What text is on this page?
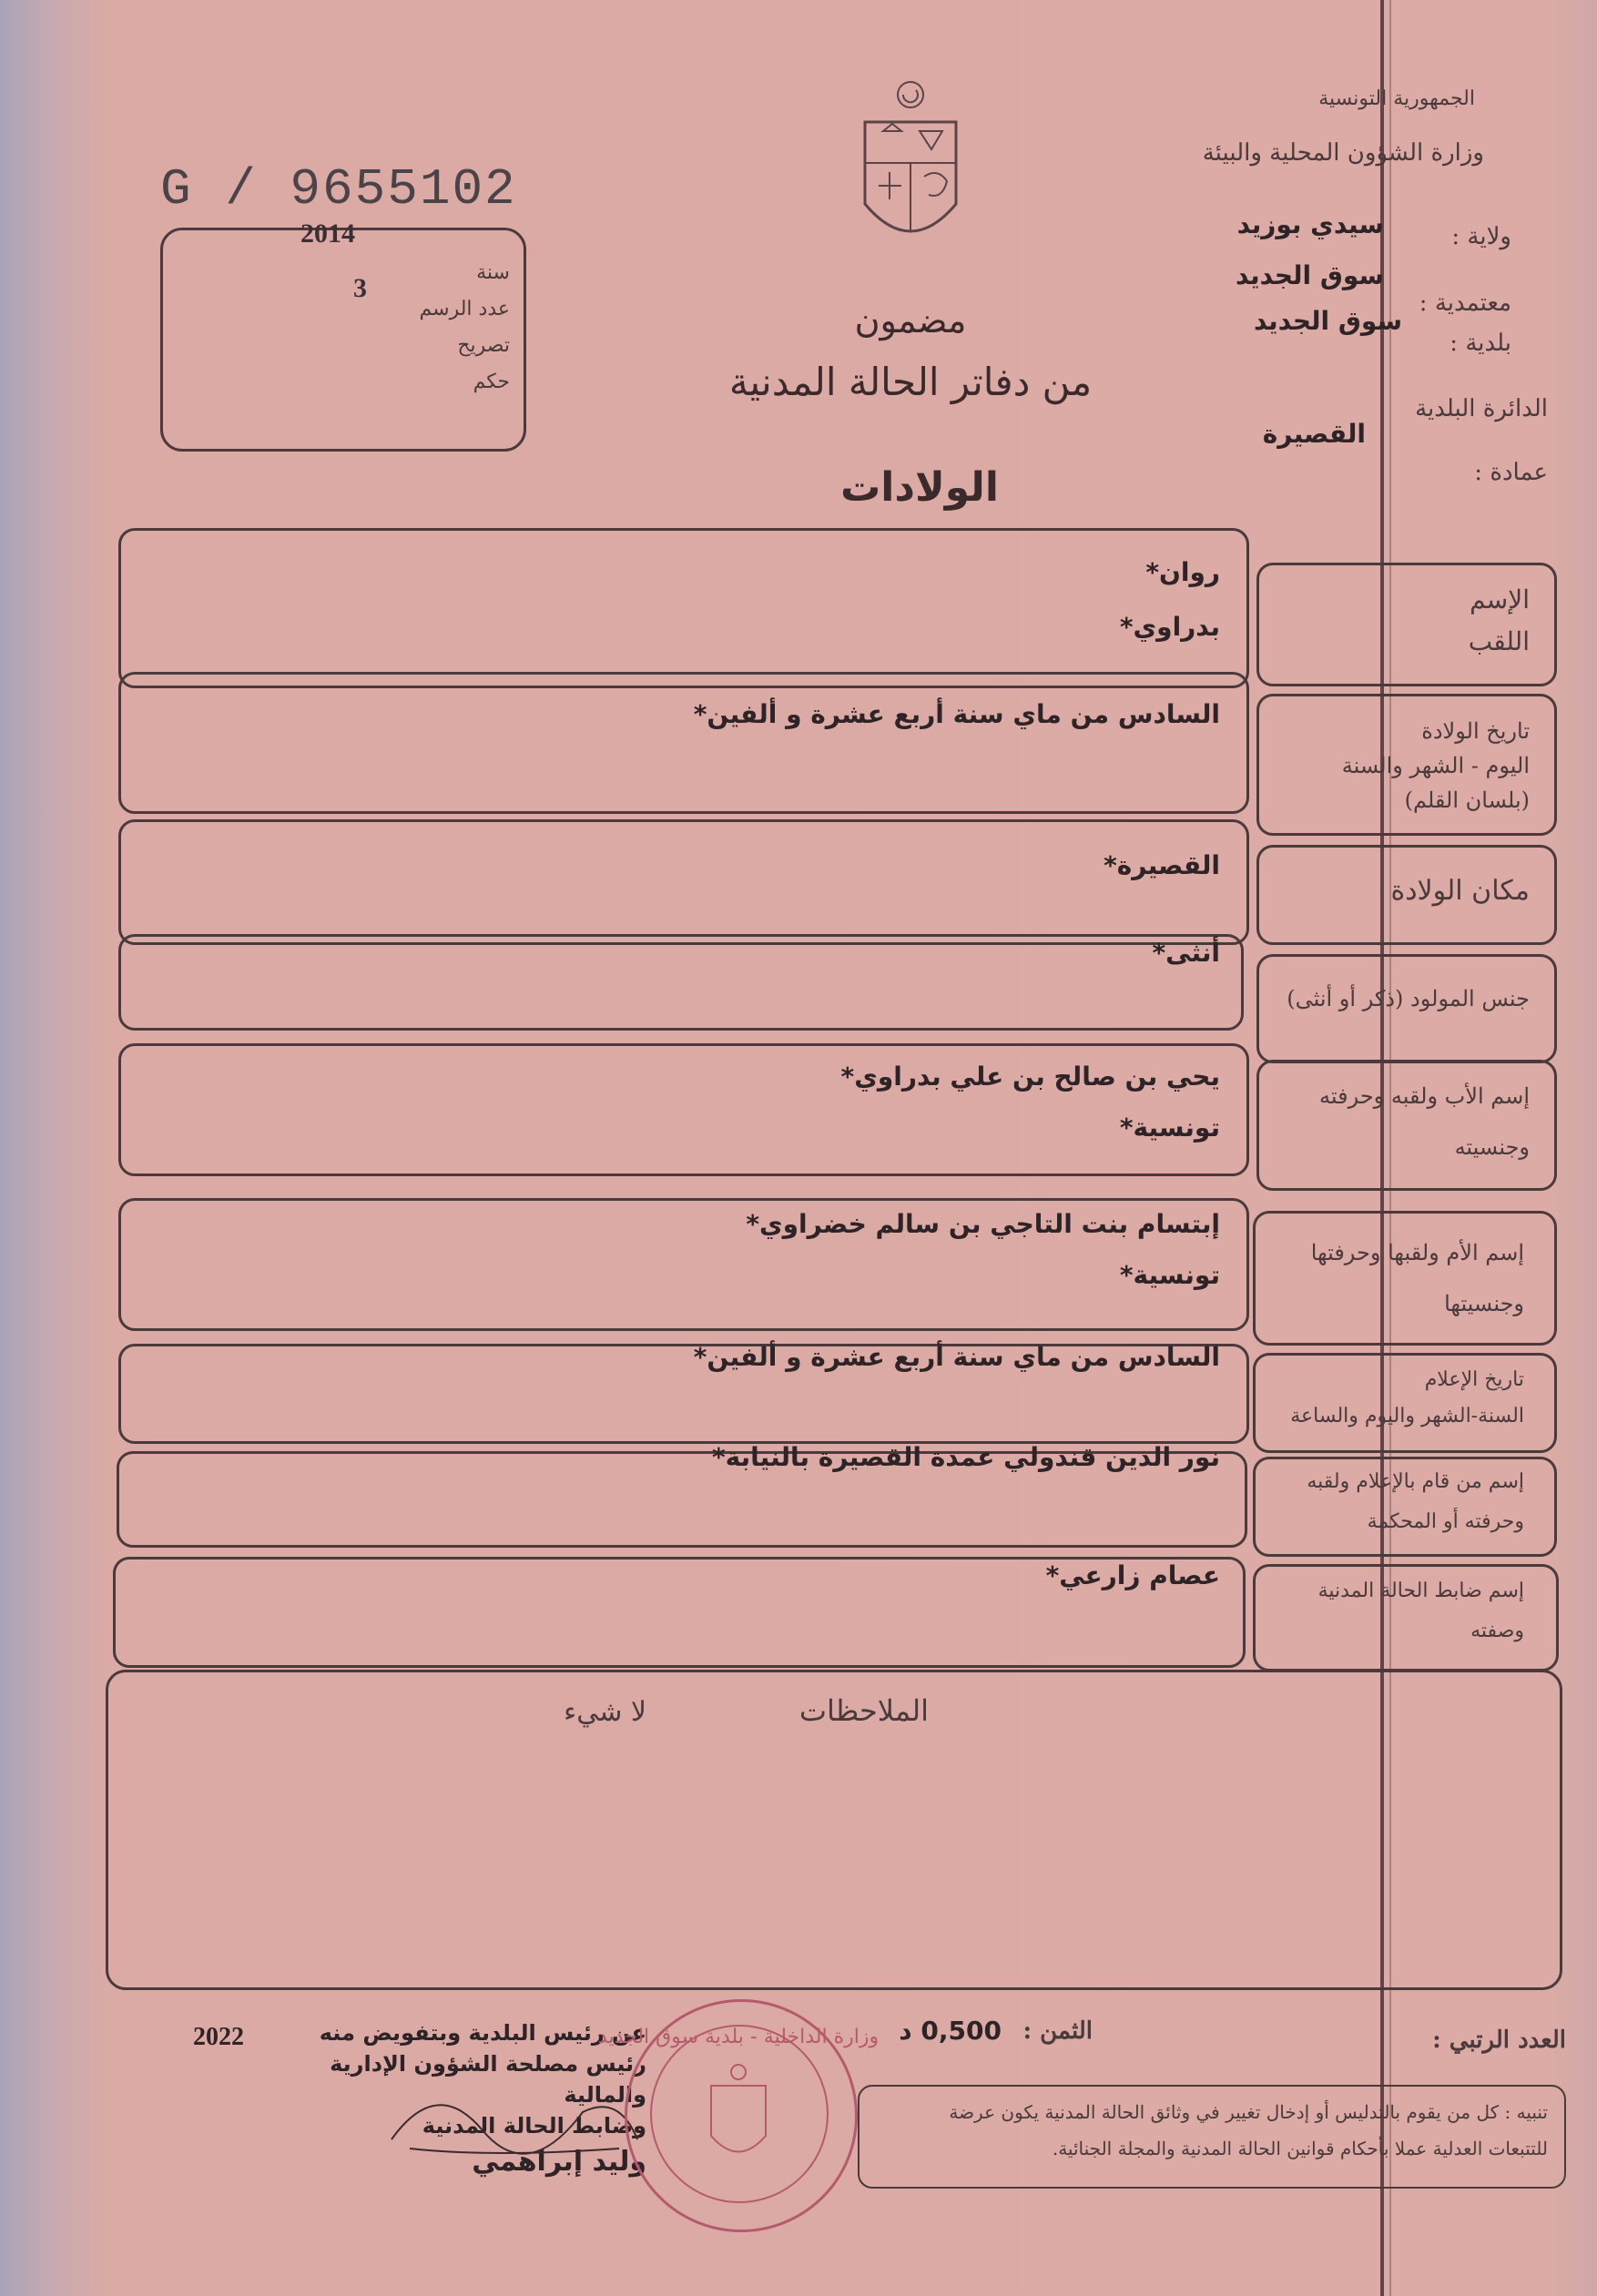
G / 9655102
2014
3
سنة
عدد الرسم
تصريح
حكم
الجمهورية التونسية
وزارة الشؤون المحلية والبيئة
ولاية :
سيدي بوزيد
معتمدية :
سوق الجديد
بلدية :
سوق الجديد
الدائرة البلدية
القصيرة
عمادة :
مضمون
من دفاتر الحالة المدنية
الولادات
الإسم
اللقب
روان*
بدراوي*
تاريخ الولادة
اليوم - الشهر والسنة
(بلسان القلم)
السادس من ماي سنة أربع عشرة و ألفين*
مكان الولادة
القصيرة*
جنس المولود (ذكر أو أنثى)
أنثى*
إسم الأب ولقبه وحرفته
وجنسيته
يحي بن صالح بن علي بدراوي*
تونسية*
إسم الأم ولقبها وحرفتها
وجنسيتها
إبتسام بنت التاجي بن سالم خضراوي*
تونسية*
تاريخ الإعلام
السنة-الشهر واليوم والساعة
السادس من ماي سنة أربع عشرة و ألفين*
إسم من قام بالإعلام ولقبه
وحرفته أو المحكمة
نور الدين قندولي عمدة القصيرة بالنيابة*
إسم ضابط الحالة المدنية
وصفته
عصام زارعي*
الملاحظات
لا شيء
العدد الرتبي :
الثمن :
0,500 د
عن رئيس البلدية وبتفويض منه
رئيس مصلحة الشؤون الإدارية والمالية
وضابط الحالة المدنية
وليد إبراهمي
2022	وزارة الداخلية - بلدية سوق الجديد
تنبيه : كل من يقوم بالتدليس أو إدخال تغيير في وثائق الحالة المدنية يكون عرضة
للتتبعات العدلية عملا بأحكام قوانين الحالة المدنية والمجلة الجنائية.
